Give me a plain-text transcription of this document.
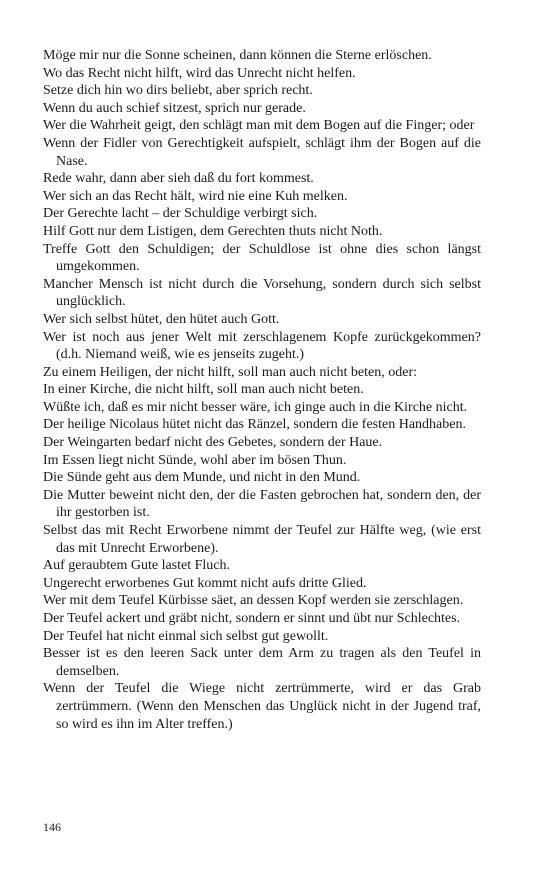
Möge mir nur die Sonne scheinen, dann können die Sterne erlöschen.
Wo das Recht nicht hilft, wird das Unrecht nicht helfen.
Setze dich hin wo dirs beliebt, aber sprich recht.
Wenn du auch schief sitzest, sprich nur gerade.
Wer die Wahrheit geigt, den schlägt man mit dem Bogen auf die Finger; oder
Wenn der Fidler von Gerechtigkeit aufspielt, schlägt ihm der Bogen auf die Nase.
Rede wahr, dann aber sieh daß du fort kommest.
Wer sich an das Recht hält, wird nie eine Kuh melken.
Der Gerechte lacht – der Schuldige verbirgt sich.
Hilf Gott nur dem Listigen, dem Gerechten thuts nicht Noth.
Treffe Gott den Schuldigen; der Schuldlose ist ohne dies schon längst umgekommen.
Mancher Mensch ist nicht durch die Vorsehung, sondern durch sich selbst unglücklich.
Wer sich selbst hütet, den hütet auch Gott.
Wer ist noch aus jener Welt mit zerschlagenem Kopfe zurückgekommen? (d.h. Niemand weiß, wie es jenseits zugeht.)
Zu einem Heiligen, der nicht hilft, soll man auch nicht beten, oder:
In einer Kirche, die nicht hilft, soll man auch nicht beten.
Wüßte ich, daß es mir nicht besser wäre, ich ginge auch in die Kirche nicht.
Der heilige Nicolaus hütet nicht das Ränzel, sondern die festen Handhaben.
Der Weingarten bedarf nicht des Gebetes, sondern der Haue.
Im Essen liegt nicht Sünde, wohl aber im bösen Thun.
Die Sünde geht aus dem Munde, und nicht in den Mund.
Die Mutter beweint nicht den, der die Fasten gebrochen hat, sondern den, der ihr gestorben ist.
Selbst das mit Recht Erworbene nimmt der Teufel zur Hälfte weg, (wie erst das mit Unrecht Erworbene).
Auf geraubtem Gute lastet Fluch.
Ungerecht erworbenes Gut kommt nicht aufs dritte Glied.
Wer mit dem Teufel Kürbisse säet, an dessen Kopf werden sie zerschlagen.
Der Teufel ackert und gräbt nicht, sondern er sinnt und übt nur Schlechtes.
Der Teufel hat nicht einmal sich selbst gut gewollt.
Besser ist es den leeren Sack unter dem Arm zu tragen als den Teufel in demselben.
Wenn der Teufel die Wiege nicht zertrümmerte, wird er das Grab zertrümmern. (Wenn den Menschen das Unglück nicht in der Jugend traf, so wird es ihn im Alter treffen.)
146
